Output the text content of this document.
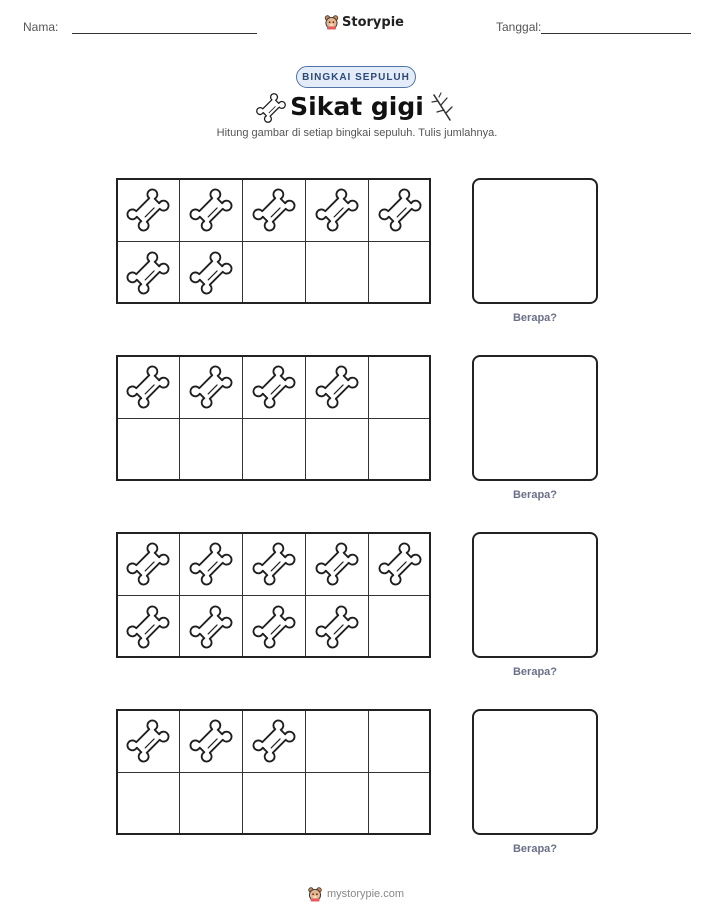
Nama:	Storypie	Tanggal:
BINGKAI SEPULUH
Sikat gigi
Hitung gambar di setiap bingkai sepuluh. Tulis jumlahnya.
Berapa?
Berapa?
Berapa?
Berapa?
mystorypie.com
